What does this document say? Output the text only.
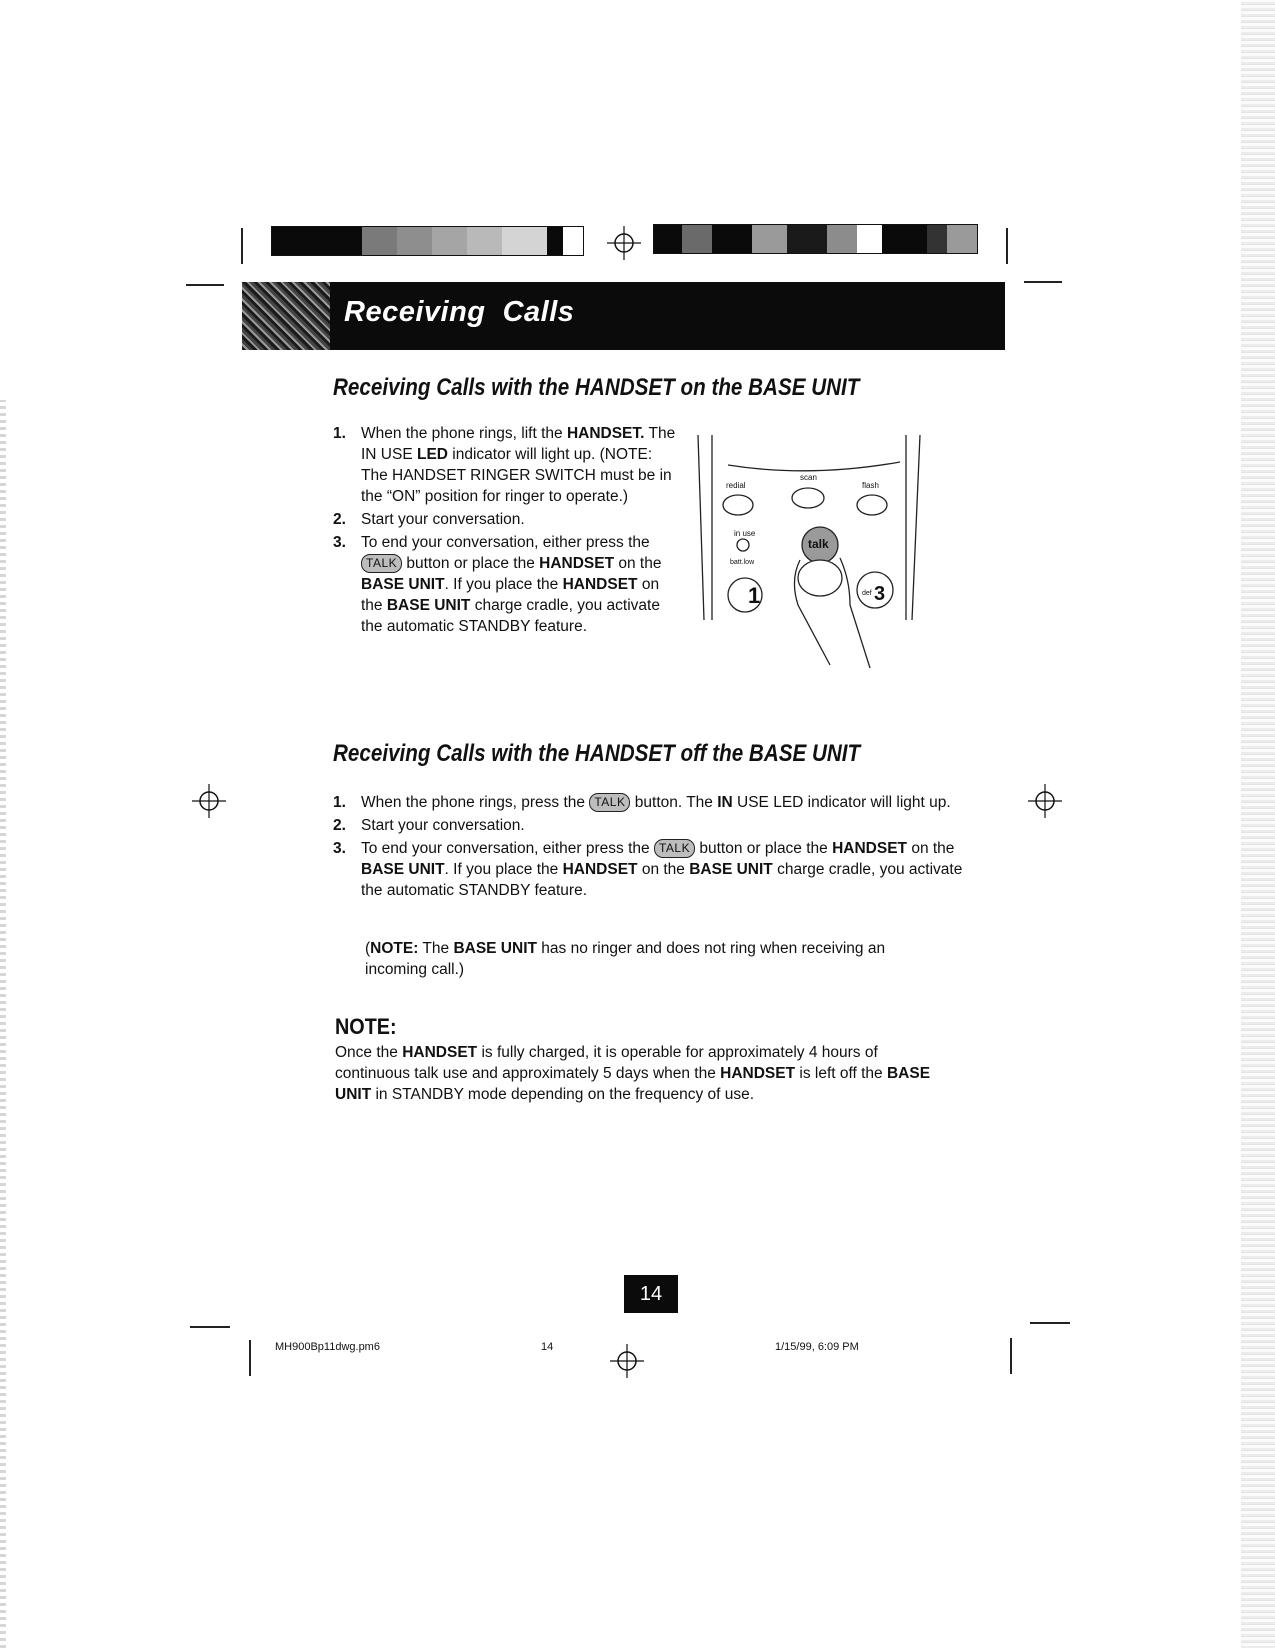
Receiving  Calls
Receiving Calls with the HANDSET on the BASE UNIT
1. When the phone rings, lift the HANDSET. The IN USE LED indicator will light up. (NOTE: The HANDSET RINGER SWITCH must be in the “ON” position for ringer to operate.)
2. Start your conversation.
3. To end your conversation, either press the TALK button or place the HANDSET on the BASE UNIT. If you place the HANDSET on the BASE UNIT charge cradle, you activate the automatic STANDBY feature.
redial
scan
flash
in use
batt.low
talk
1	def 3
Receiving Calls with the HANDSET off the BASE UNIT
1. When the phone rings, press the TALK button. The IN USE LED indicator will light up.
2. Start your conversation.
3. To end your conversation, either press the TALK button or place the HANDSET on the BASE UNIT. If you place the HANDSET on the BASE UNIT charge cradle, you activate the automatic STANDBY feature.
(NOTE: The BASE UNIT has no ringer and does not ring when receiving an incoming call.)
NOTE:
Once the HANDSET is fully charged, it is operable for approximately 4 hours of continuous talk use and approximately 5 days when the HANDSET is left off the BASE UNIT in STANDBY mode depending on the frequency of use.
14
MH900Bp11dwg.pm6	14	1/15/99, 6:09 PM
